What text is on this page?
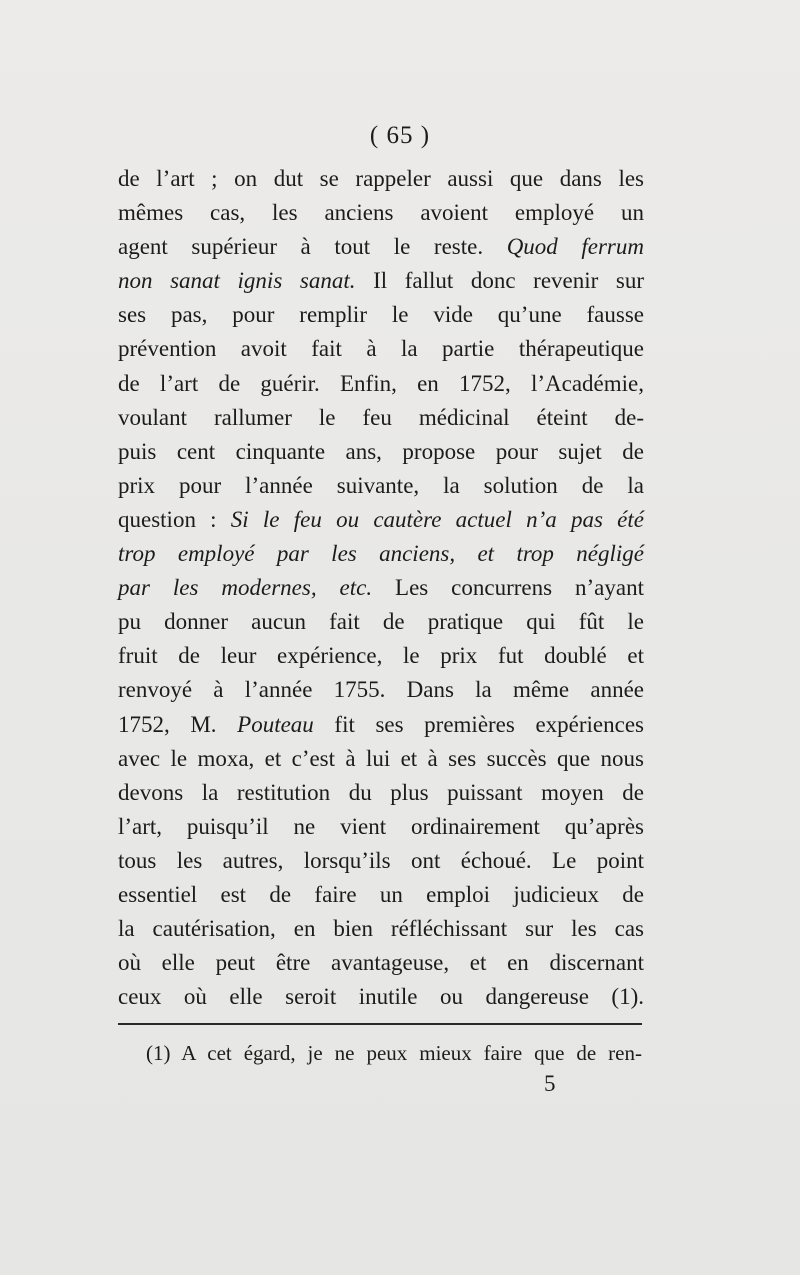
( 65 )
de l’art ; on dut se rappeler aussi que dans les
mêmes cas, les anciens avoient employé un
agent supérieur à tout le reste. Quod ferrum
non sanat ignis sanat. Il fallut donc revenir sur
ses pas, pour remplir le vide qu’une fausse
prévention avoit fait à la partie thérapeutique
de l’art de guérir. Enfin, en 1752, l’Académie,
voulant rallumer le feu médicinal éteint de-
puis cent cinquante ans, propose pour sujet de
prix pour l’année suivante, la solution de la
question : Si le feu ou cautère actuel n’a pas été
trop employé par les anciens, et trop négligé
par les modernes, etc. Les concurrens n’ayant
pu donner aucun fait de pratique qui fût le
fruit de leur expérience, le prix fut doublé et
renvoyé à l’année 1755. Dans la même année
1752, M. Pouteau fit ses premières expériences
avec le moxa, et c’est à lui et à ses succès que nous
devons la restitution du plus puissant moyen de
l’art, puisqu’il ne vient ordinairement qu’après
tous les autres, lorsqu’ils ont échoué. Le point
essentiel est de faire un emploi judicieux de
la cautérisation, en bien réfléchissant sur les cas
où elle peut être avantageuse, et en discernant
ceux où elle seroit inutile ou dangereuse (1).
(1) A cet égard, je ne peux mieux faire que de ren-
5
